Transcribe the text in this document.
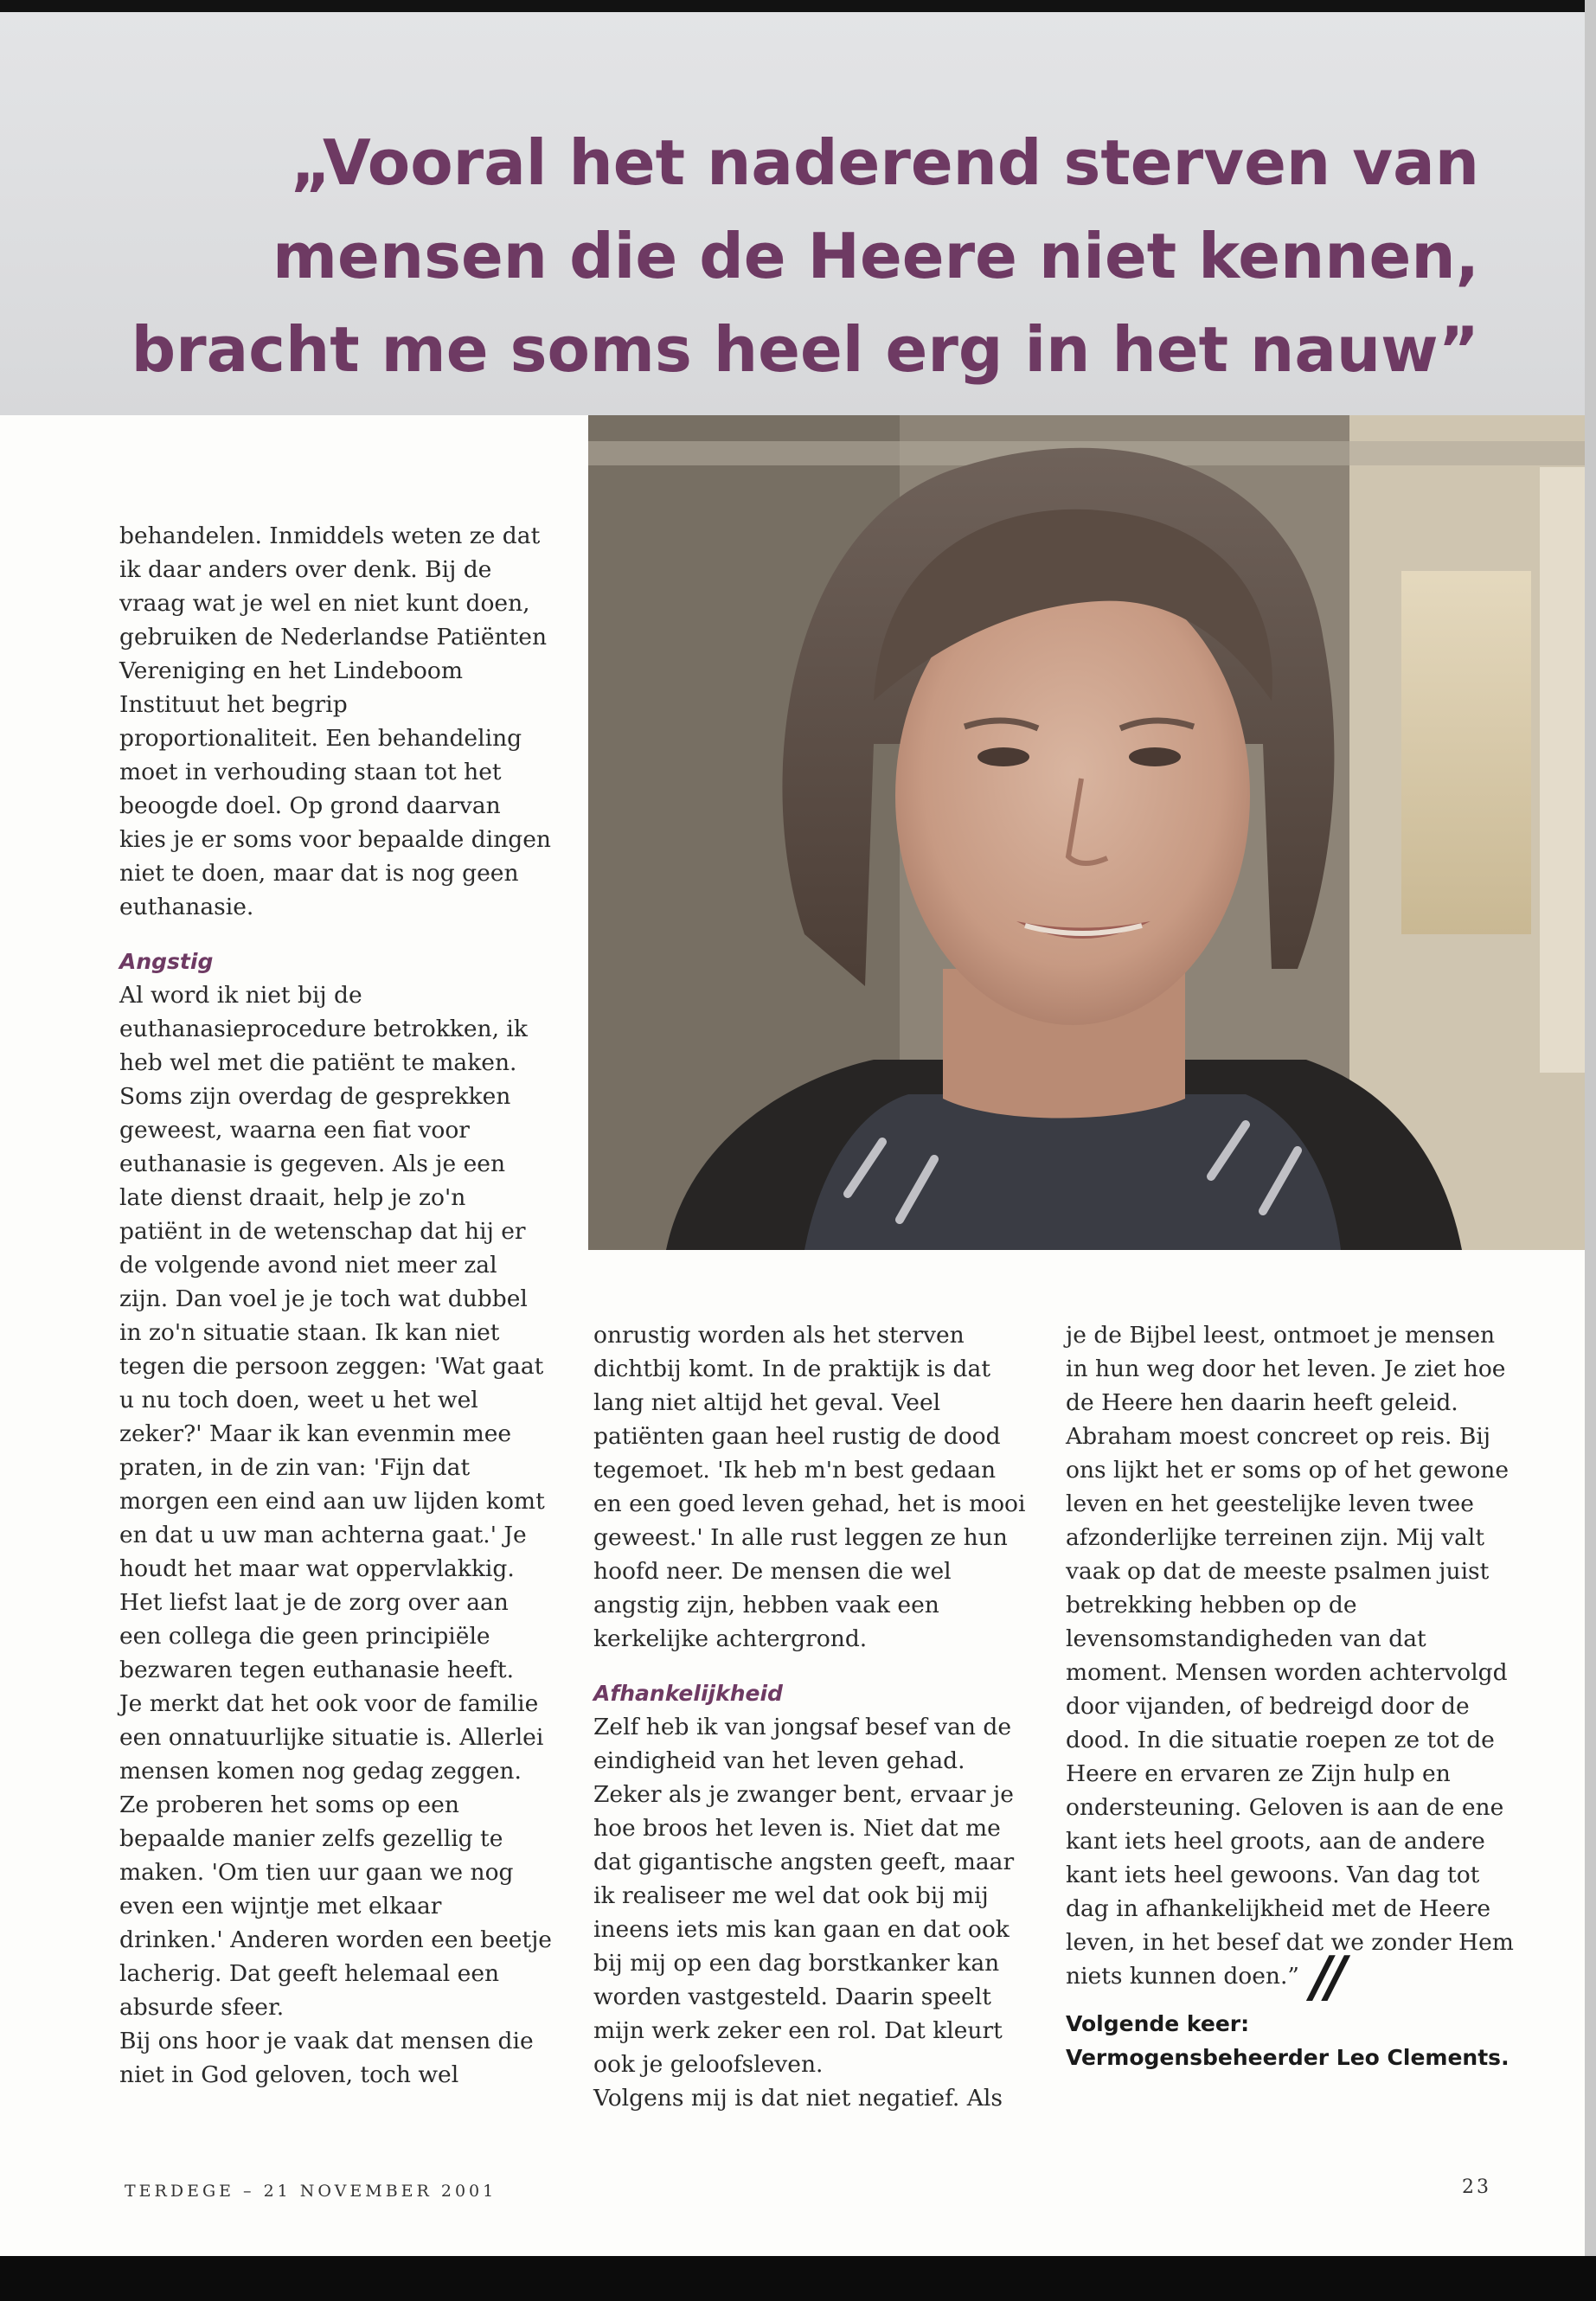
„Vooral het naderend sterven van
mensen die de Heere niet kennen,
bracht me soms heel erg in het nauw”

behandelen. Inmiddels weten ze dat ik daar anders over denk. Bij de vraag wat je wel en niet kunt doen, gebruiken de Nederlandse Patiënten Vereniging en het Lindeboom Instituut het begrip proportionaliteit. Een behandeling moet in verhouding staan tot het beoogde doel. Op grond daarvan kies je er soms voor bepaalde dingen niet te doen, maar dat is nog geen euthanasie.

Angstig

Al word ik niet bij de euthanasieprocedure betrokken, ik heb wel met die patiënt te maken. Soms zijn overdag de gesprekken geweest, waarna een fiat voor euthanasie is gegeven. Als je een late dienst draait, help je zo'n patiënt in de wetenschap dat hij er de volgende avond niet meer zal zijn. Dan voel je je toch wat dubbel in zo'n situatie staan. Ik kan niet tegen die persoon zeggen: 'Wat gaat u nu toch doen, weet u het wel zeker?' Maar ik kan evenmin mee praten, in de zin van: 'Fijn dat morgen een eind aan uw lijden komt en dat u uw man achterna gaat.' Je houdt het maar wat oppervlakkig. Het liefst laat je de zorg over aan een collega die geen principiële bezwaren tegen euthanasie heeft.

Je merkt dat het ook voor de familie een onnatuurlijke situatie is. Allerlei mensen komen nog gedag zeggen. Ze proberen het soms op een bepaalde manier zelfs gezellig te maken. 'Om tien uur gaan we nog even een wijntje met elkaar drinken.' Anderen worden een beetje lacherig. Dat geeft helemaal een absurde sfeer.

Bij ons hoor je vaak dat mensen die niet in God geloven, toch wel

onrustig worden als het sterven dichtbij komt. In de praktijk is dat lang niet altijd het geval. Veel patiënten gaan heel rustig de dood tegemoet. 'Ik heb m'n best gedaan en een goed leven gehad, het is mooi geweest.' In alle rust leggen ze hun hoofd neer. De mensen die wel angstig zijn, hebben vaak een kerkelijke achtergrond.

Afhankelijkheid

Zelf heb ik van jongsaf besef van de eindigheid van het leven gehad. Zeker als je zwanger bent, ervaar je hoe broos het leven is. Niet dat me dat gigantische angsten geeft, maar ik realiseer me wel dat ook bij mij ineens iets mis kan gaan en dat ook bij mij op een dag borstkanker kan worden vastgesteld. Daarin speelt mijn werk zeker een rol. Dat kleurt ook je geloofsleven.

Volgens mij is dat niet negatief. Als

je de Bijbel leest, ontmoet je mensen in hun weg door het leven. Je ziet hoe de Heere hen daarin heeft geleid. Abraham moest concreet op reis. Bij ons lijkt het er soms op of het gewone leven en het geestelijke leven twee afzonderlijke terreinen zijn. Mij valt vaak op dat de meeste psalmen juist betrekking hebben op de levensomstandigheden van dat moment. Mensen worden achtervolgd door vijanden, of bedreigd door de dood. In die situatie roepen ze tot de Heere en ervaren ze Zijn hulp en ondersteuning. Geloven is aan de ene kant iets heel groots, aan de andere kant iets heel gewoons. Van dag tot dag in afhankelijkheid met de Heere leven, in het besef dat we zonder Hem niets kunnen doen.” //

Volgende keer: Vermogensbeheerder Leo Clements.

TERDEGE – 21 NOVEMBER 2001	23
